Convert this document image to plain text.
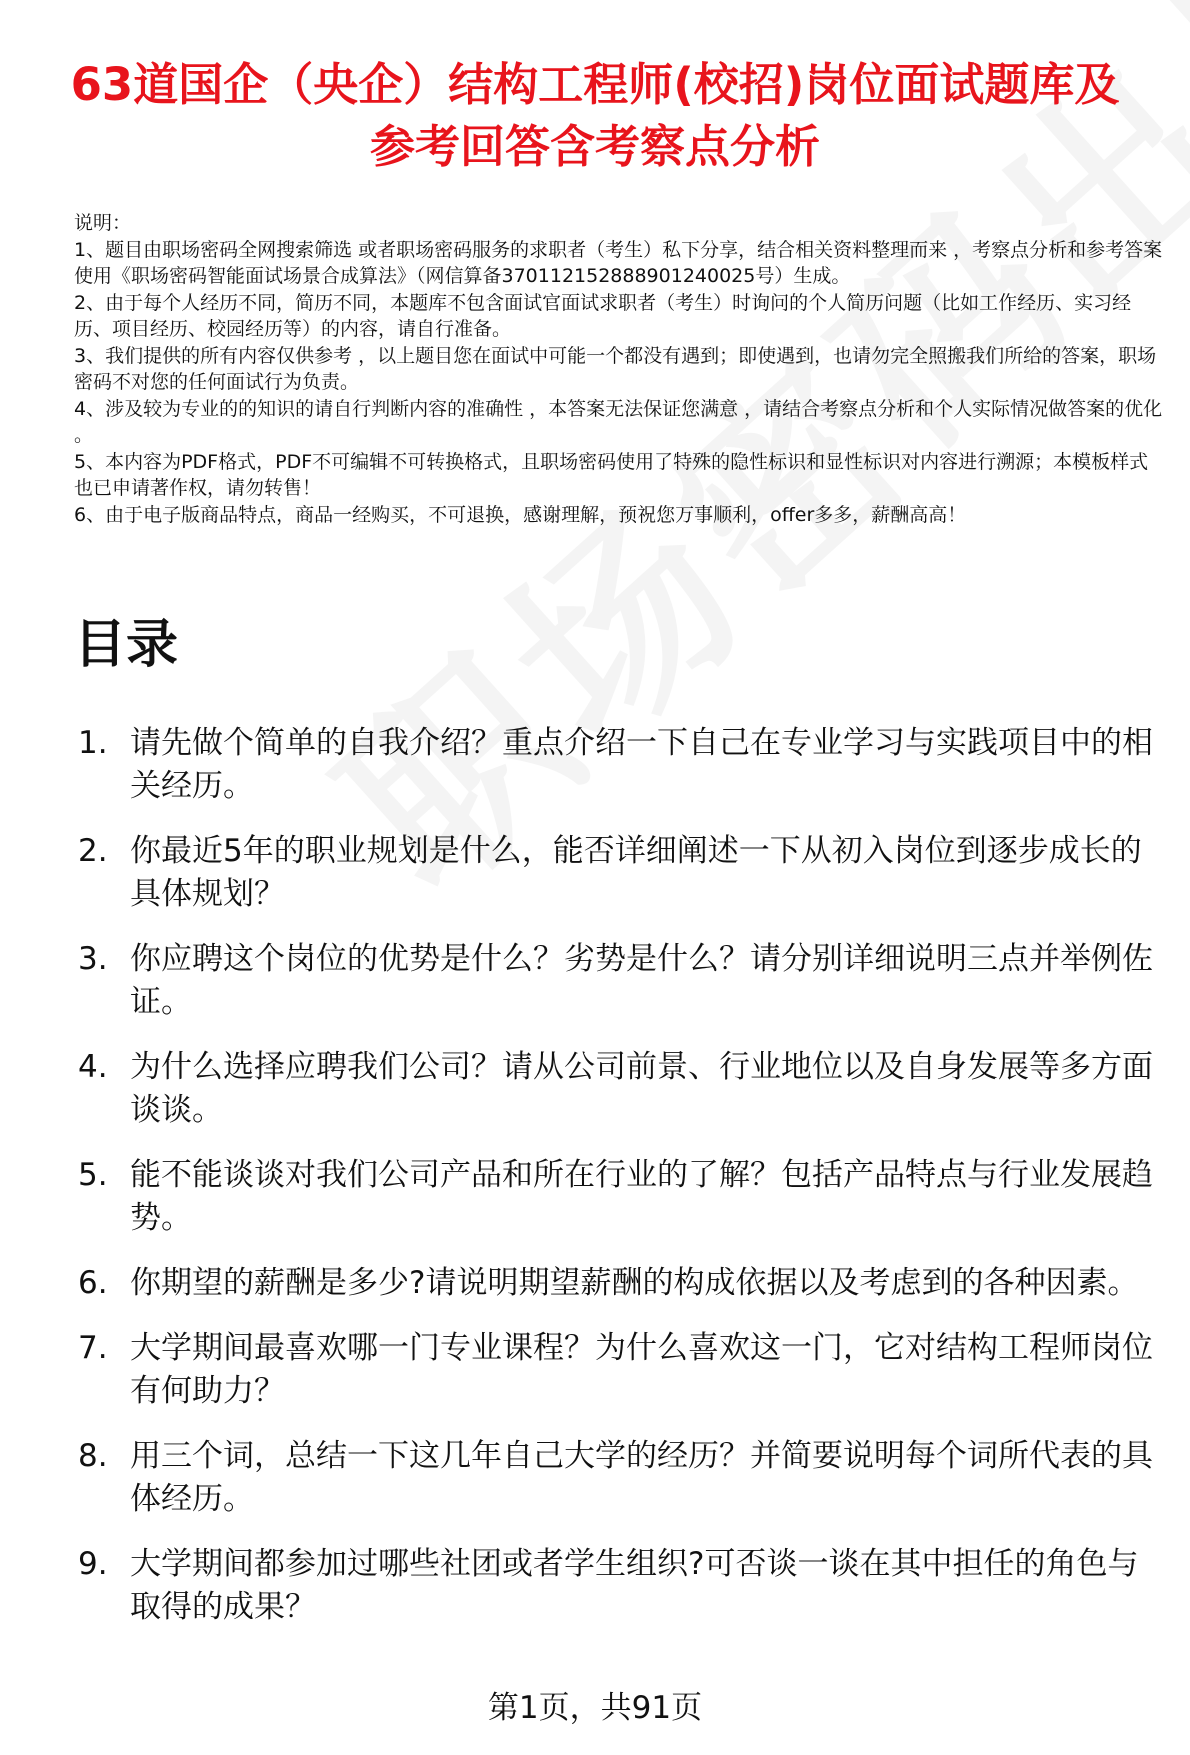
63道国企（央企）结构工程师(校招)岗位面试题库及参考回答含考察点分析

说明：

1、题目由职场密码全网搜索筛选 或者职场密码服务的求职者（考生）私下分享，结合相关资料整理而来 ，考察点分析和参考答案使用《职场密码智能面试场景合成算法》（网信算备370112152888901240025号）生成。

2、由于每个人经历不同，简历不同，本题库不包含面试官面试求职者（考生）时询问的个人简历问题（比如工作经历、实习经历、项目经历、校园经历等）的内容，请自行准备。

3、我们提供的所有内容仅供参考 ，以上题目您在面试中可能一个都没有遇到；即使遇到，也请勿完全照搬我们所给的答案，职场密码不对您的任何面试行为负责。

4、涉及较为专业的的知识的请自行判断内容的准确性 ，本答案无法保证您满意 ，请结合考察点分析和个人实际情况做答案的优化 。

5、本内容为PDF格式，PDF不可编辑不可转换格式，且职场密码使用了特殊的隐性标识和显性标识对内容进行溯源；本模板样式也已申请著作权，请勿转售！

6、由于电子版商品特点，商品一经购买，不可退换，感谢理解，预祝您万事顺利，offer多多，薪酬高高！

目录
1. 请先做个简单的自我介绍？重点介绍一下自己在专业学习与实践项目中的相关经历。
2. 你最近5年的职业规划是什么，能否详细阐述一下从初入岗位到逐步成长的具体规划？
3. 你应聘这个岗位的优势是什么？劣势是什么？请分别详细说明三点并举例佐证。
4. 为什么选择应聘我们公司？请从公司前景、行业地位以及自身发展等多方面谈谈。
5. 能不能谈谈对我们公司产品和所在行业的了解？包括产品特点与行业发展趋势。
6. 你期望的薪酬是多少?请说明期望薪酬的构成依据以及考虑到的各种因素。
7. 大学期间最喜欢哪一门专业课程？为什么喜欢这一门，它对结构工程师岗位有何助力？
8. 用三个词，总结一下这几年自己大学的经历？并简要说明每个词所代表的具体经历。
9. 大学期间都参加过哪些社团或者学生组织?可否谈一谈在其中担任的角色与取得的成果？
第1页，共91页
